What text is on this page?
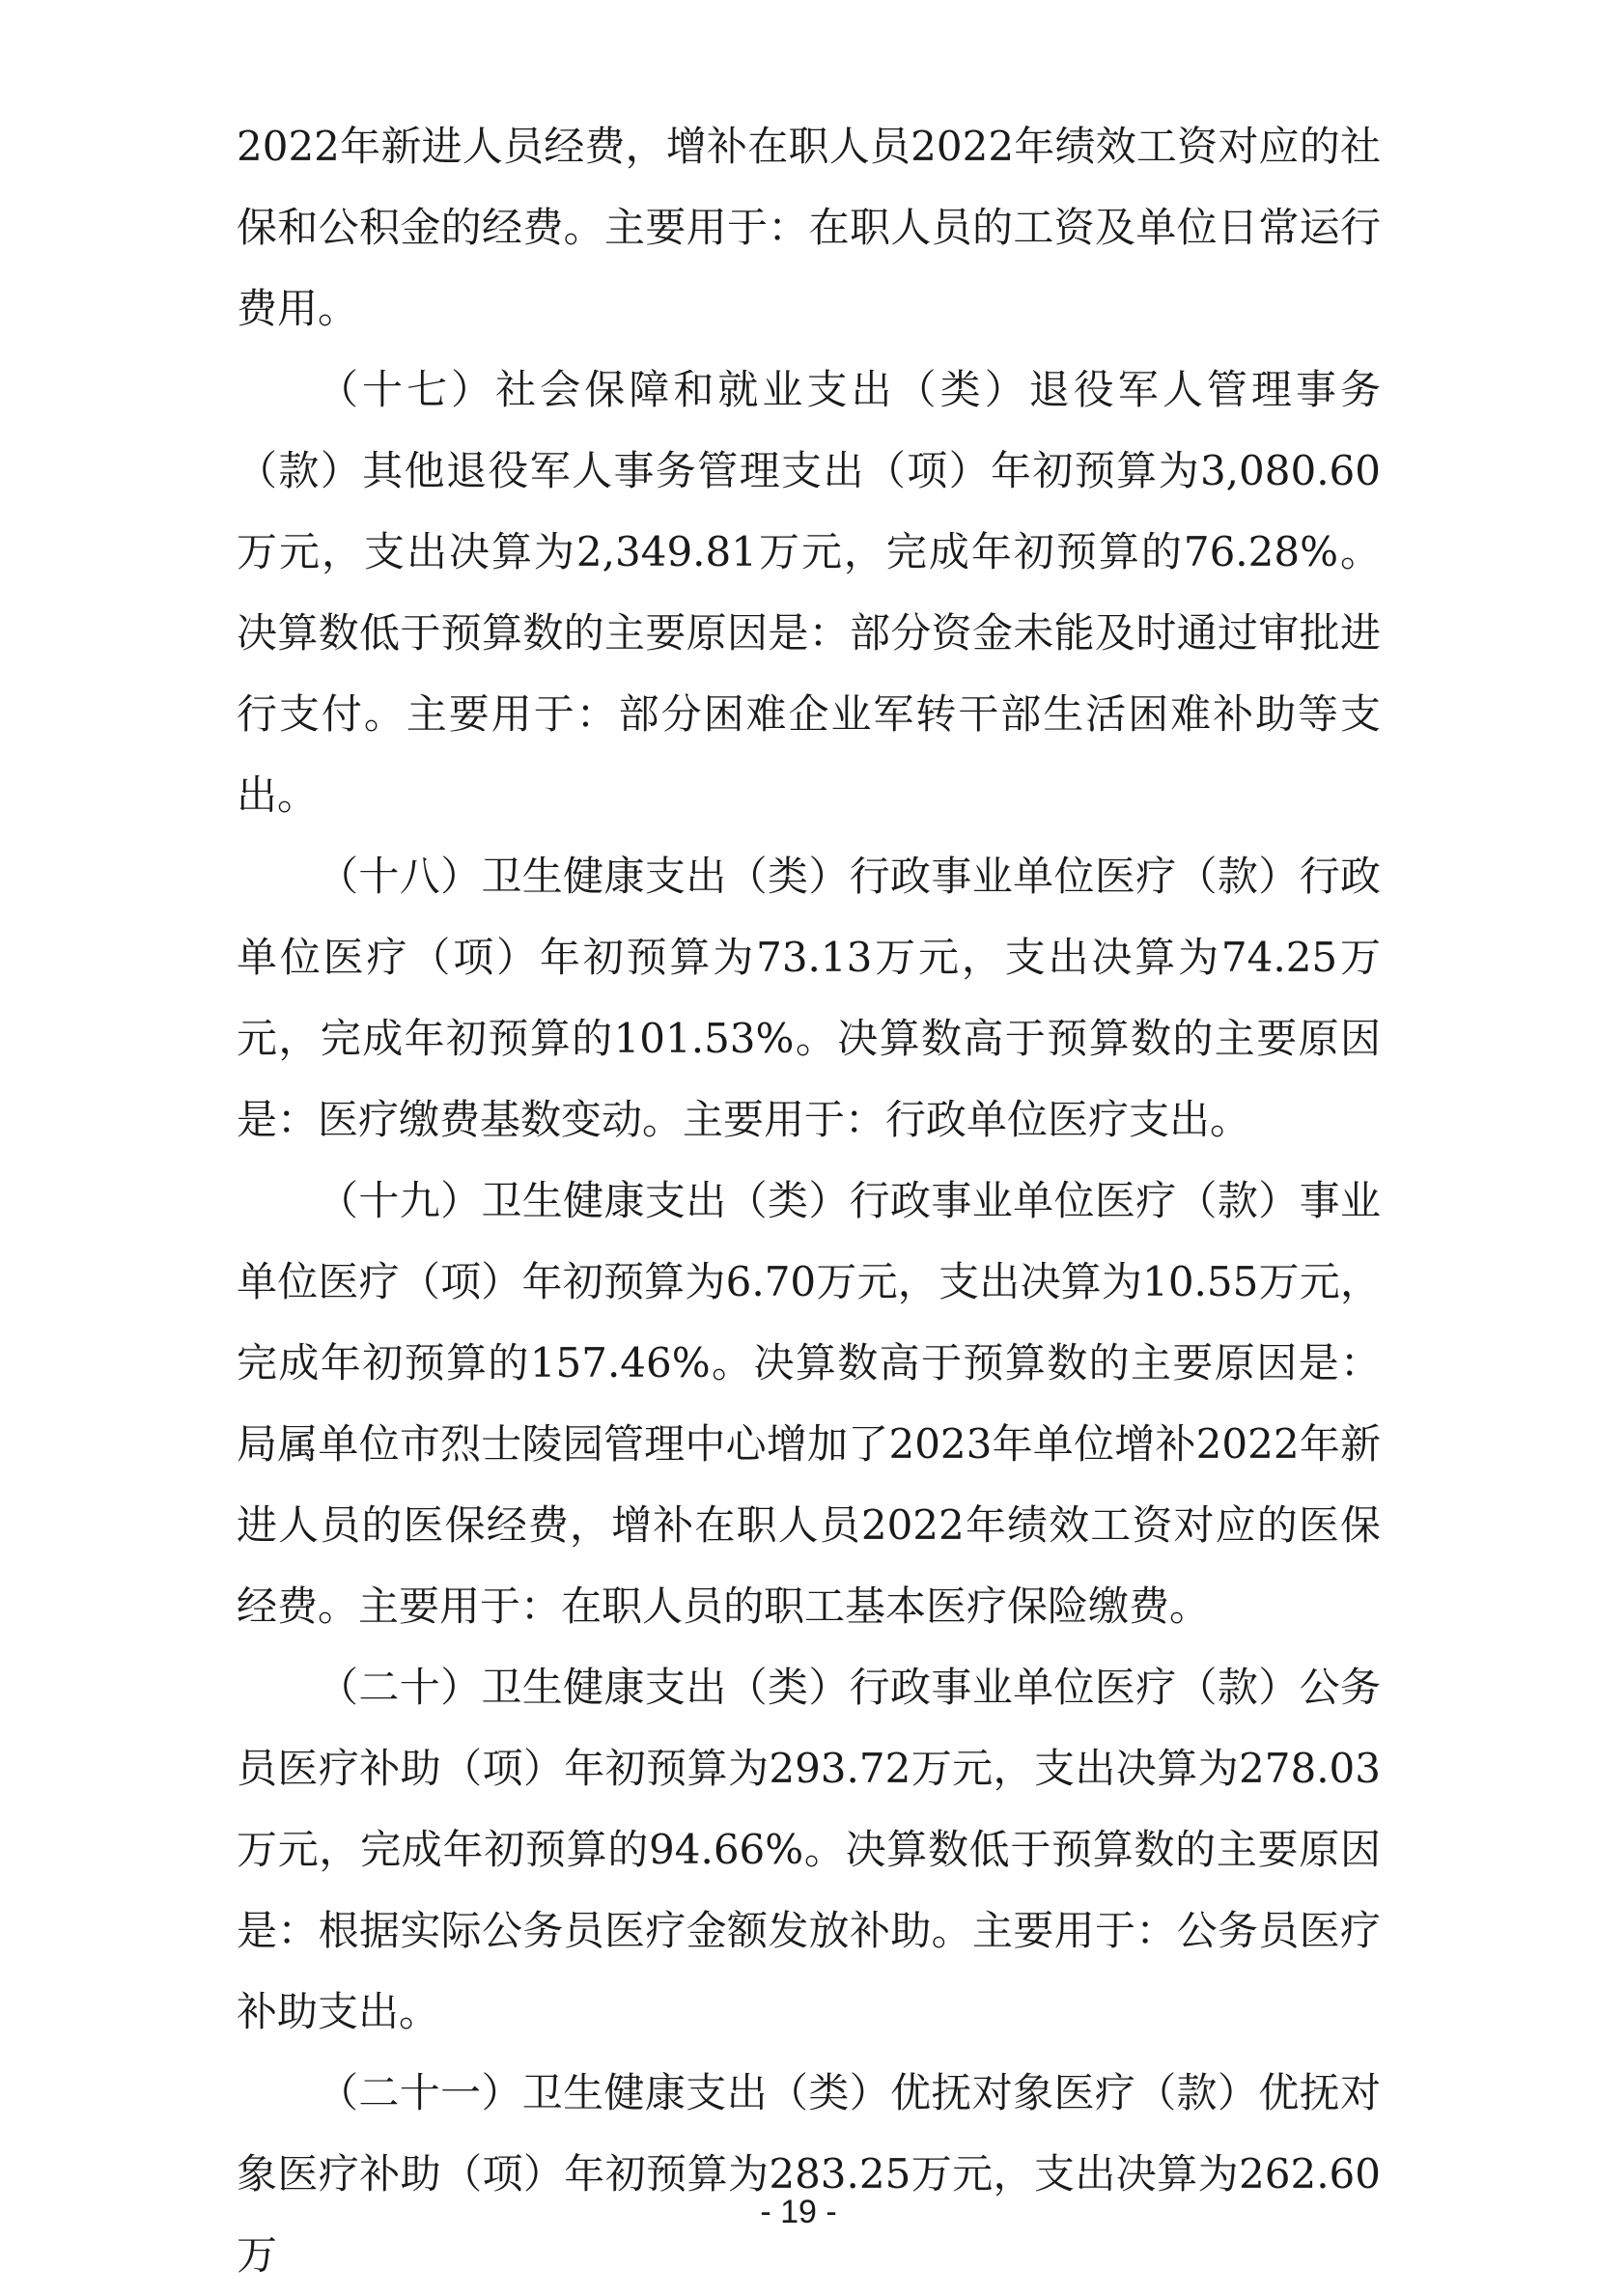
2022年新进人员经费，增补在职人员2022年绩效工资对应的社保和公积金的经费。主要用于：在职人员的工资及单位日常运行费用。

（十七）社会保障和就业支出（类）退役军人管理事务（款）其他退役军人事务管理支出（项）年初预算为3,080.60万元，支出决算为2,349.81万元，完成年初预算的76.28%。决算数低于预算数的主要原因是：部分资金未能及时通过审批进行支付。主要用于：部分困难企业军转干部生活困难补助等支出。

（十八）卫生健康支出（类）行政事业单位医疗（款）行政单位医疗（项）年初预算为73.13万元，支出决算为74.25万元，完成年初预算的101.53%。决算数高于预算数的主要原因是：医疗缴费基数变动。主要用于：行政单位医疗支出。

（十九）卫生健康支出（类）行政事业单位医疗（款）事业单位医疗（项）年初预算为6.70万元，支出决算为10.55万元，完成年初预算的157.46%。决算数高于预算数的主要原因是：局属单位市烈士陵园管理中心增加了2023年单位增补2022年新进人员的医保经费，增补在职人员2022年绩效工资对应的医保经费。主要用于：在职人员的职工基本医疗保险缴费。

（二十）卫生健康支出（类）行政事业单位医疗（款）公务员医疗补助（项）年初预算为293.72万元，支出决算为278.03万元，完成年初预算的94.66%。决算数低于预算数的主要原因是：根据实际公务员医疗金额发放补助。主要用于：公务员医疗补助支出。

（二十一）卫生健康支出（类）优抚对象医疗（款）优抚对象医疗补助（项）年初预算为283.25万元，支出决算为262.60万

- 19 -
